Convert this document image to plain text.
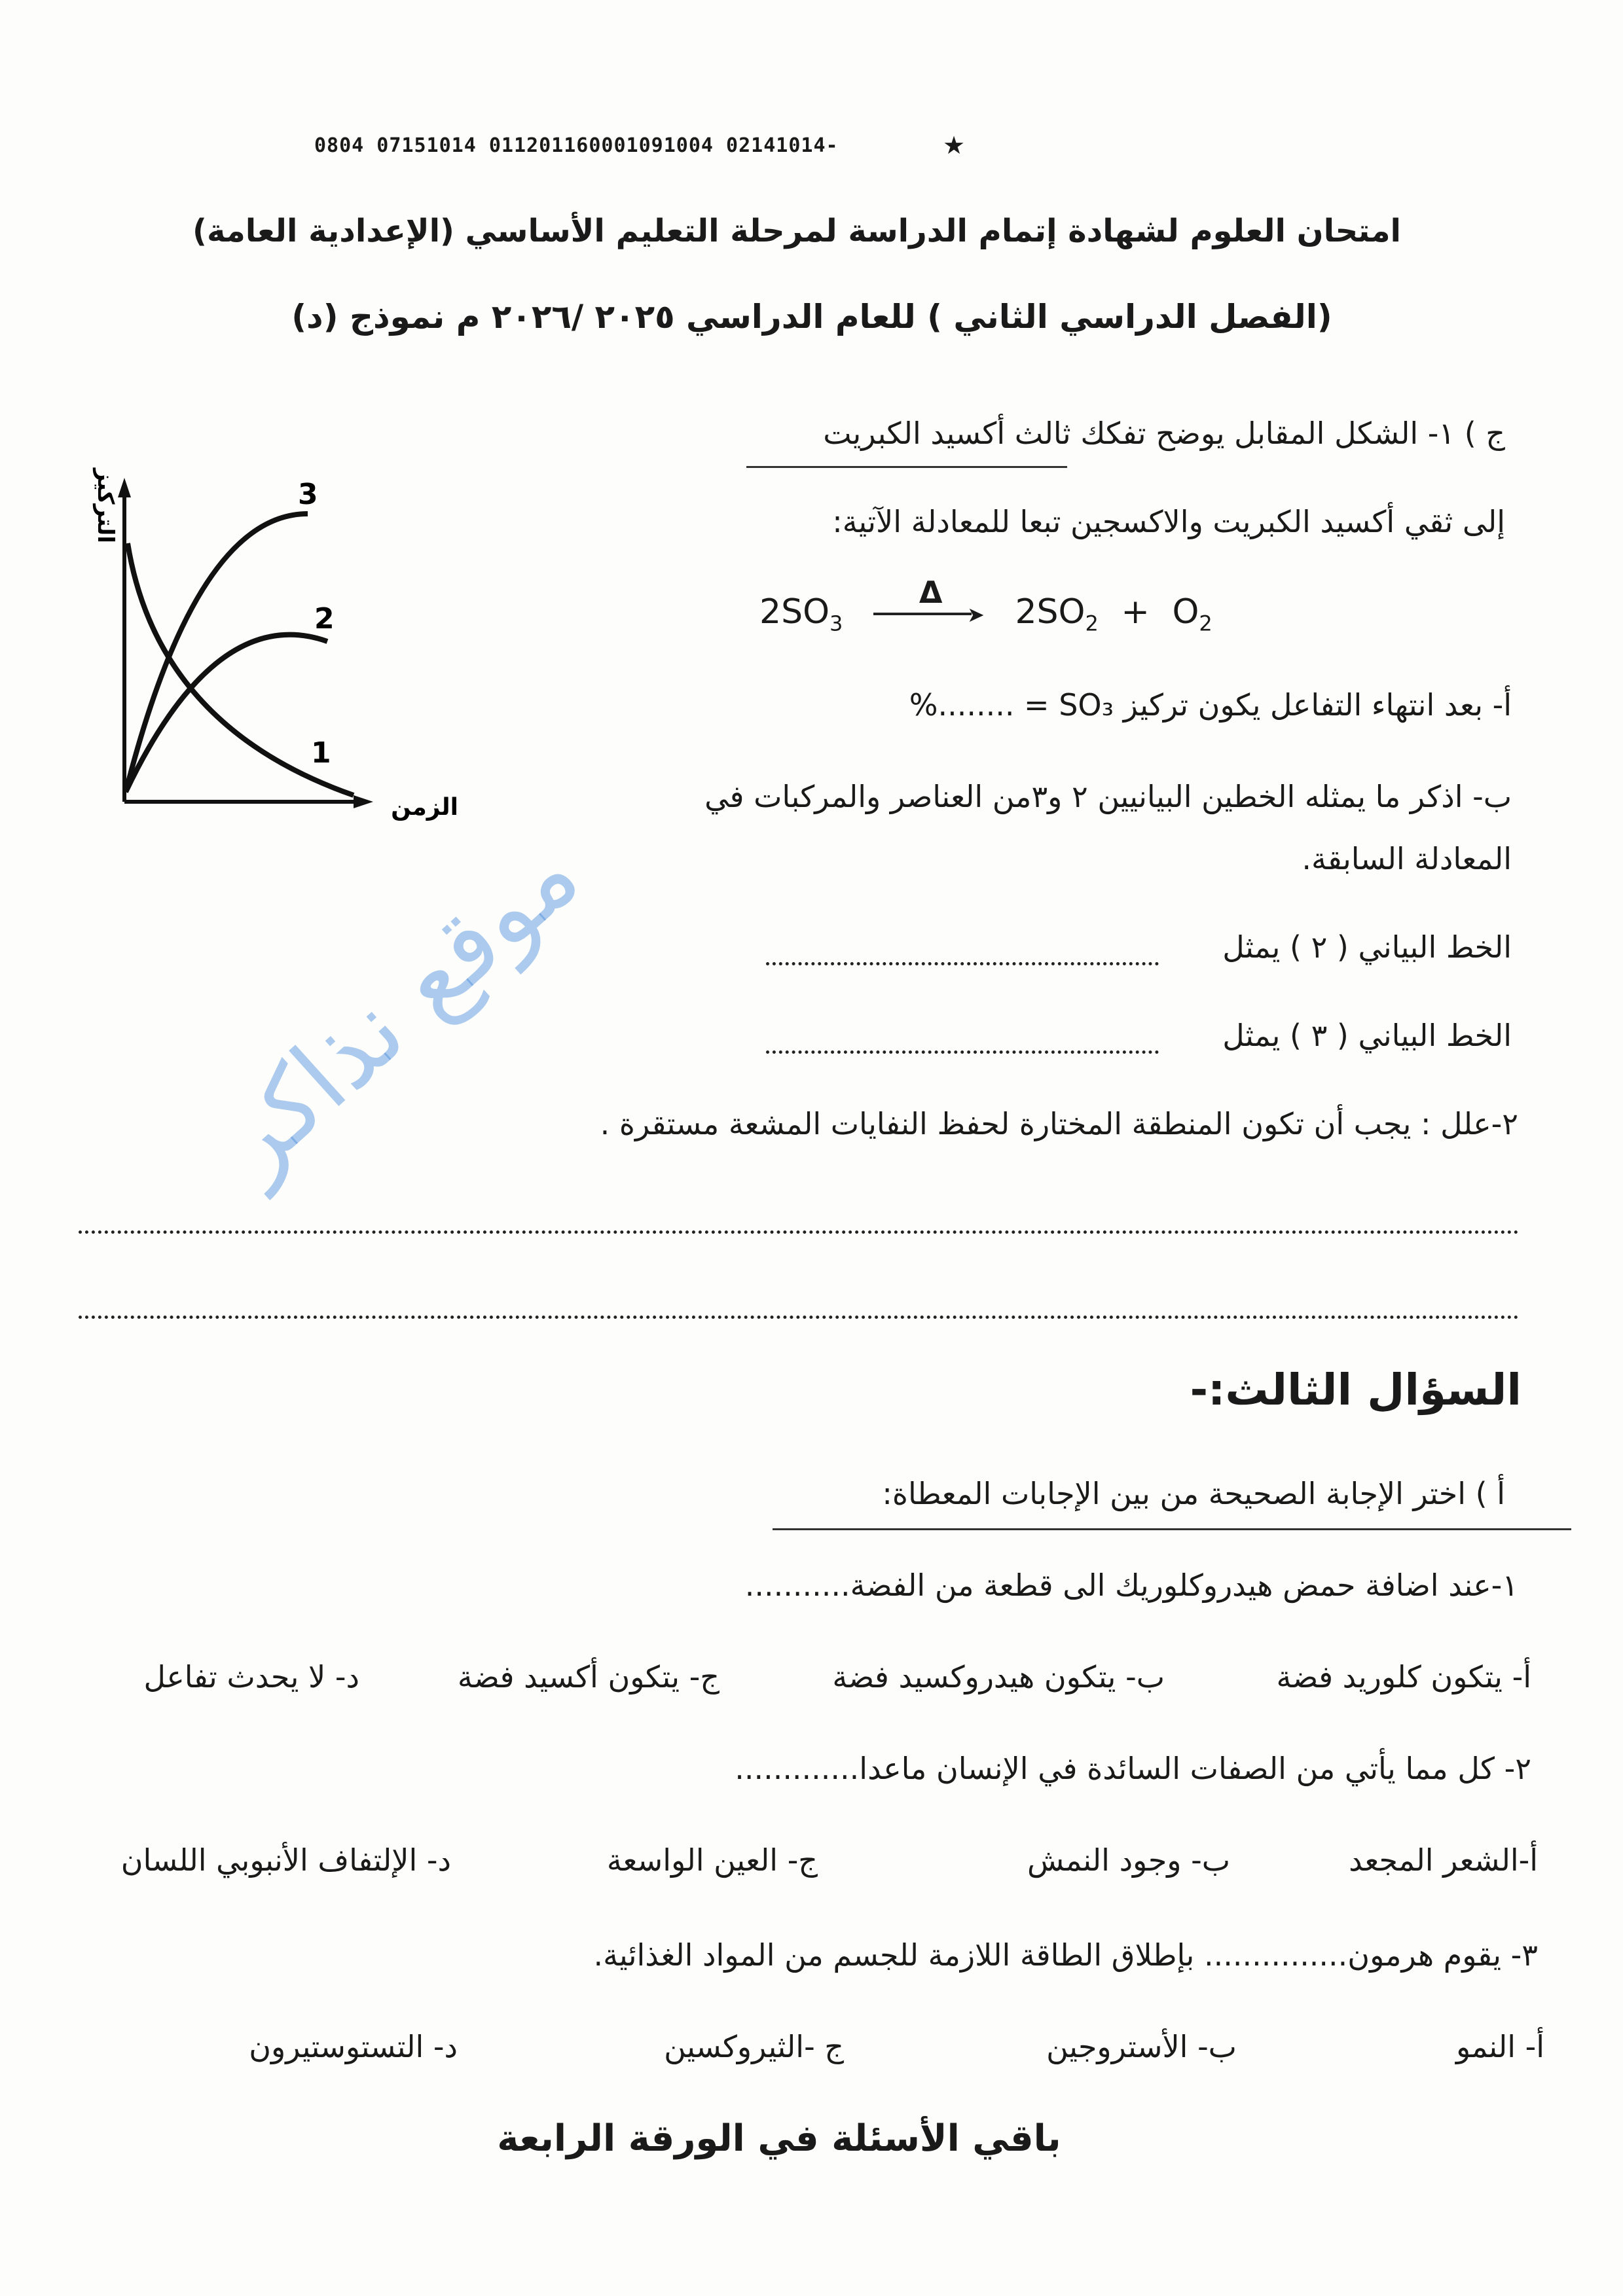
0804 07151014 011201160001091004 02141014-	★
امتحان العلوم لشهادة إتمام الدراسة لمرحلة التعليم الأساسي (الإعدادية العامة)
(الفصل الدراسي الثاني ) للعام الدراسي ٢٠٢٥ /٢٠٢٦ م نموذج (د)
ج ) ١- الشكل المقابل يوضح تفكك ثالث أكسيد الكبريت
إلى ثقي أكسيد الكبريت والاكسجين تبعا للمعادلة الآتية:
$2SO_3$
Δ
➤ $2SO_2 + O_2$
أ- بعد انتهاء التفاعل يكون تركيز SO₃ = ........%
ب- اذكر ما يمثله الخطين البيانيين ٢ و٣من العناصر والمركبات في
المعادلة السابقة.
الخط البياني ( ٢ ) يمثل
الخط البياني ( ٣ ) يمثل
٢-علل : يجب أن تكون المنطقة المختارة لحفظ النفايات المشعة مستقرة .
1
2
3
التركيز
الزمن
موقع نذاكر
السؤال الثالث:-
أ ) اختر الإجابة الصحيحة من بين الإجابات المعطاة:
١-عند اضافة حمض هيدروكلوريك الى قطعة من الفضة...........
أ- يتكون كلوريد فضة
ب- يتكون هيدروكسيد فضة
ج- يتكون أكسيد فضة
د- لا يحدث تفاعل
٢- كل مما يأتي من الصفات السائدة في الإنسان ماعدا.............
أ-الشعر المجعد
ب- وجود النمش
ج- العين الواسعة
د- الإلتفاف الأنبوبي اللسان
٣- يقوم هرمون............... بإطلاق الطاقة اللازمة للجسم من المواد الغذائية.
أ- النمو
ب- الأستروجين
ج -الثيروكسين
د- التستوستيرون
باقي الأسئلة في الورقة الرابعة
